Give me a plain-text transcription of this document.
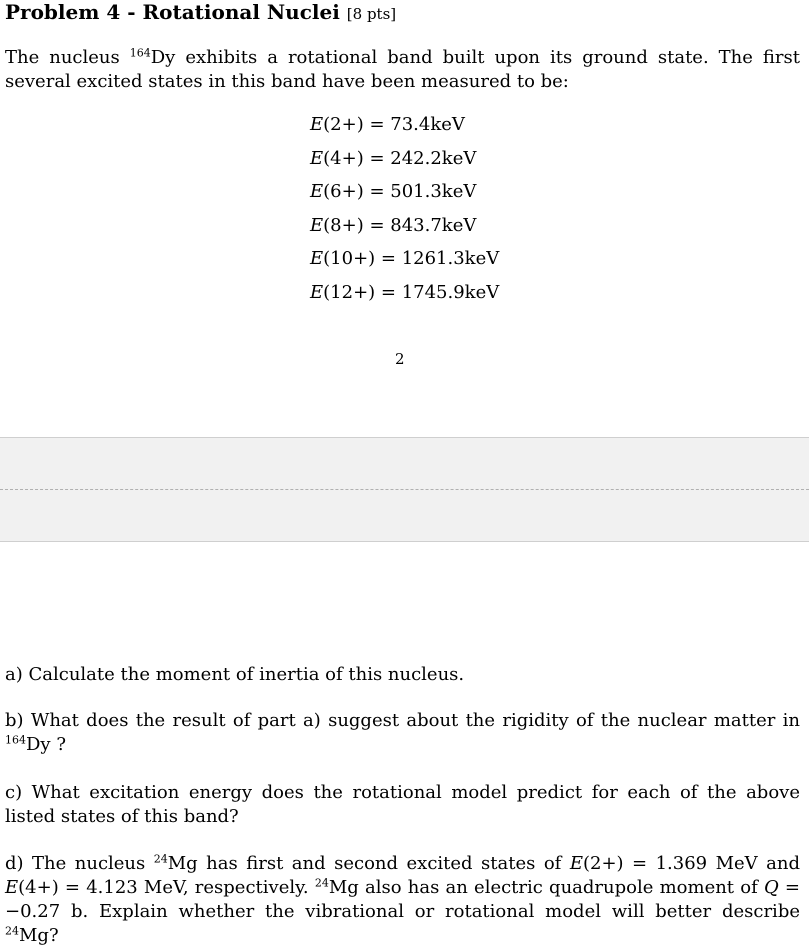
Problem 4 - Rotational Nuclei [8 pts]
The nucleus $^{164}$Dy exhibits a rotational band built upon its ground state. The first several excited states in this band have been measured to be:
E(2+) = 73.4keV
E(4+) = 242.2keV
E(6+) = 501.3keV
E(8+) = 843.7keV
E(10+) = 1261.3keV
E(12+) = 1745.9keV
2
a) Calculate the moment of inertia of this nucleus.
b) What does the result of part a) suggest about the rigidity of the nuclear matter in $^{164}$Dy ?
c) What excitation energy does the rotational model predict for each of the above listed states of this band?
d) The nucleus $^{24}$Mg has first and second excited states of E(2+) = 1.369 MeV and E(4+) = 4.123 MeV, respectively. $^{24}$Mg also has an electric quadrupole moment of Q = −0.27 b. Explain whether the vibrational or rotational model will better describe $^{24}$Mg?
